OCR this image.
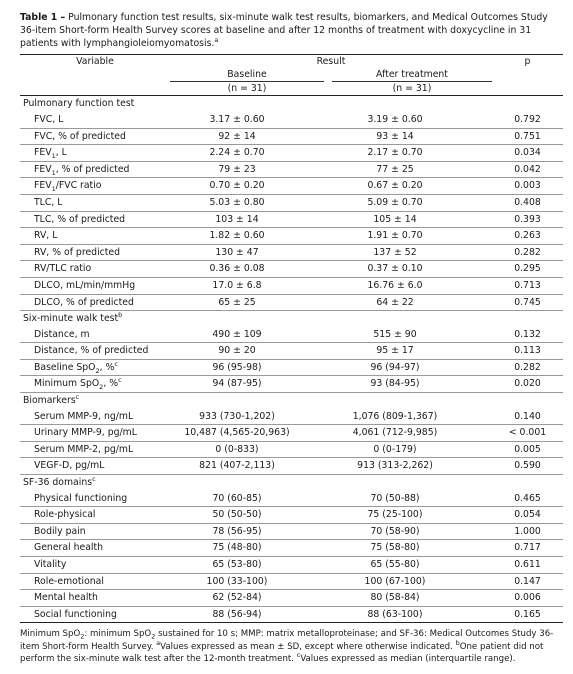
Table 1 – Pulmonary function test results, six-minute walk test results, biomarkers, and Medical Outcomes Study 36-item Short-form Health Survey scores at baseline and after 12 months of treatment with doxycycline in 31 patients with lymphangioleiomyomatosis.$^a$
Variable	Result			p
	Baseline		After treatment	
	(n = 31)		(n = 31)	
Pulmonary function test				
FVC, L	3.17 ± 0.60		3.19 ± 0.60	0.792
FVC, % of predicted	92 ± 14		93 ± 14	0.751
$FEV_1$, L	2.24 ± 0.70		2.17 ± 0.70	0.034
$FEV_1$, % of predicted	79 ± 23		77 ± 25	0.042
$FEV_1$/FVC ratio	0.70 ± 0.20		0.67 ± 0.20	0.003
TLC, L	5.03 ± 0.80		5.09 ± 0.70	0.408
TLC, % of predicted	103 ± 14		105 ± 14	0.393
RV, L	1.82 ± 0.60		1.91 ± 0.70	0.263
RV, % of predicted	130 ± 47		137 ± 52	0.282
RV/TLC ratio	0.36 ± 0.08		0.37 ± 0.10	0.295
DLCO, mL/min/mmHg	17.0 ± 6.8		16.76 ± 6.0	0.713
DLCO, % of predicted	65 ± 25		64 ± 22	0.745
Six-minute walk test$^b$
Distance, m	490 ± 109		515 ± 90	0.132
Distance, % of predicted	90 ± 20		95 ± 17	0.113
Baseline SpO$_2$, %$^c$	96 (95-98)		96 (94-97)	0.282
Minimum SpO$_2$, %$^c$	94 (87-95)		93 (84-95)	0.020
Biomarkers$^c$
Serum MMP-9, ng/mL	933 (730-1,202)		1,076 (809-1,367)	0.140
Urinary MMP-9, pg/mL	10,487 (4,565-20,963)		4,061 (712-9,985)	< 0.001
Serum MMP-2, pg/mL	0 (0-833)		0 (0-179)	0.005
VEGF-D, pg/mL	821 (407-2,113)		913 (313-2,262)	0.590
SF-36 domains$^c$
Physical functioning	70 (60-85)		70 (50-88)	0.465
Role-physical	50 (50-50)		75 (25-100)	0.054
Bodily pain	78 (56-95)		70 (58-90)	1.000
General health	75 (48-80)		75 (58-80)	0.717
Vitality	65 (53-80)		65 (55-80)	0.611
Role-emotional	100 (33-100)		100 (67-100)	0.147
Mental health	62 (52-84)		80 (58-84)	0.006
Social functioning	88 (56-94)		88 (63-100)	0.165
Minimum SpO$_2$: minimum SpO$_2$ sustained for 10 s; MMP: matrix metalloproteinase; and SF-36: Medical Outcomes Study 36-item Short-form Health Survey. $^a$Values expressed as mean ± SD, except where otherwise indicated. $^b$One patient did not perform the six-minute walk test after the 12-month treatment. $^c$Values expressed as median (interquartile range).
